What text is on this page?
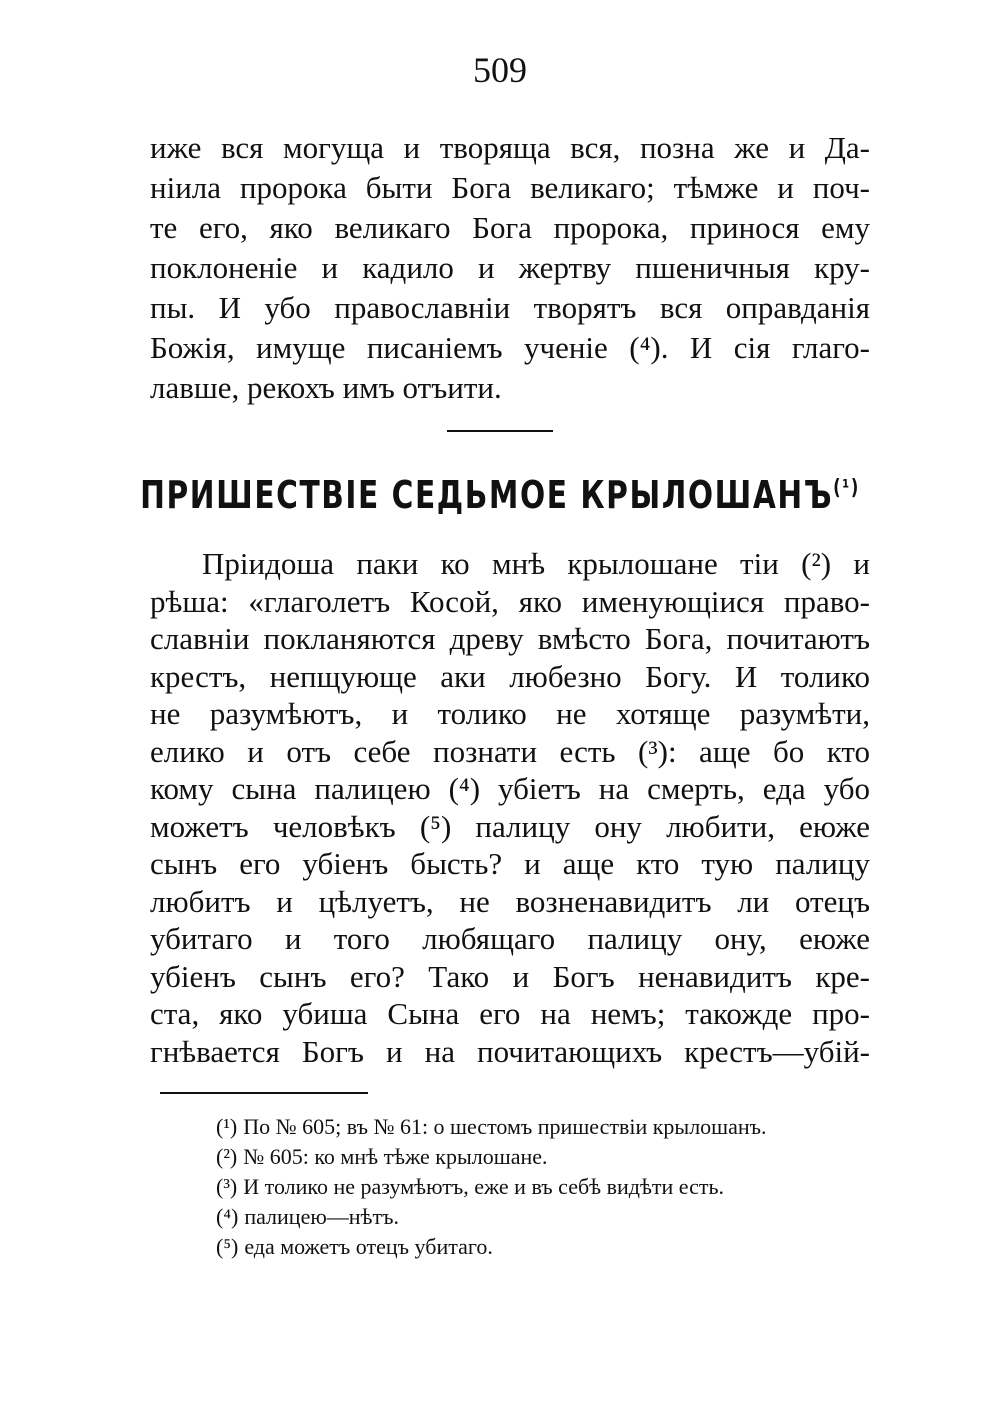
509
иже вся могуща и творяща вся, позна же и Да-
ніила пророка быти Бога великаго; тѣмже и поч-
те его, яко великаго Бога пророка, принося ему
поклоненіе и кадило и жертву пшеничныя кру-
пы. И убо православніи творятъ вся оправданія
Божія, имуще писаніемъ ученіе (⁴). И сія глаго-
лавше, рекохъ имъ отъити.
ПРИШЕСТВІЕ СЕДЬМОЕ $КРЫЛОШАНЪ^{(^1)}$
Пріидоша паки ко мнѣ крылошане тіи (²) и
рѣша: «глаголетъ Косой, яко именующіися право-
славніи покланяются древу вмѣсто Бога, почитаютъ
крестъ, непщующе аки любезно Богу. И толико
не разумѣютъ, и толико не хотяще разумѣти,
елико и отъ себе познати есть (³): аще бо кто
кому сына палицею (⁴) убіетъ на смерть, еда убо
можетъ человѣкъ (⁵) палицу ону любити, еюже
сынъ его убіенъ бысть? и аще кто тую палицу
любитъ и цѣлуетъ, не возненавидитъ ли отецъ
убитаго и того любящаго палицу ону, еюже
убіенъ сынъ его? Тако и Богъ ненавидитъ кре-
ста, яко убиша Сына его на немъ; такожде про-
гнѣвается Богъ и на почитающихъ крестъ—убій-
(¹) По № 605; въ № 61: о шестомъ пришествіи крылошанъ.
(²) № 605: ко мнѣ тѣже крылошане.
(³) И толико не разумѣютъ, еже и въ себѣ видѣти есть.
(⁴) палицею—нѣтъ.
(⁵) еда можетъ отецъ убитаго.
